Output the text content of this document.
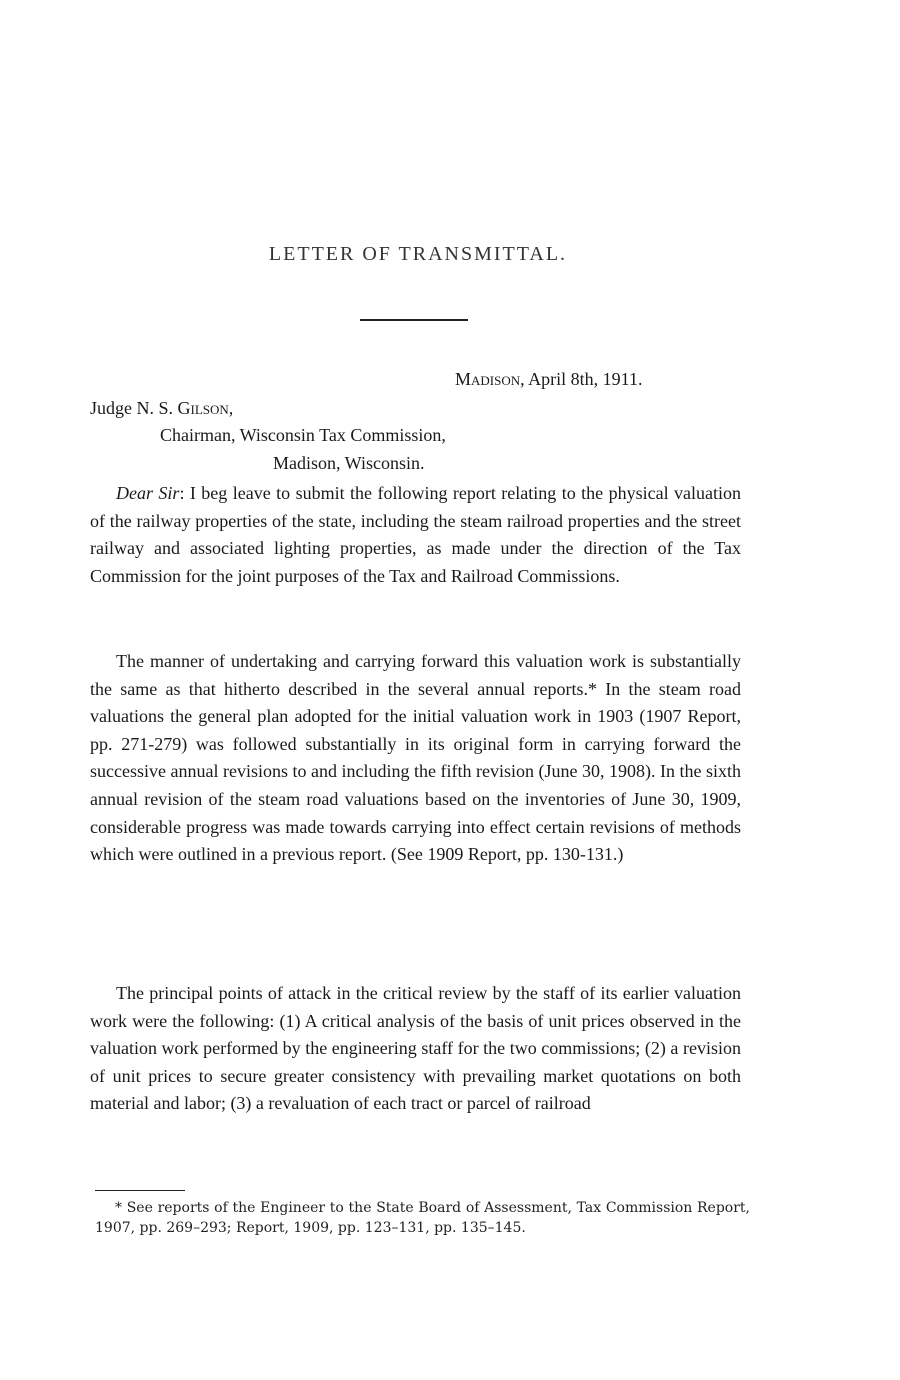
LETTER OF TRANSMITTAL.
Madison, April 8th, 1911.
Judge N. S. Gilson,
Chairman, Wisconsin Tax Commission,
Madison, Wisconsin.
Dear Sir: I beg leave to submit the following report relating to the physical valuation of the railway properties of the state, including the steam railroad properties and the street railway and associated lighting properties, as made under the direction of the Tax Commission for the joint purposes of the Tax and Railroad Commissions.
The manner of undertaking and carrying forward this valuation work is substantially the same as that hitherto described in the several annual reports.* In the steam road valuations the general plan adopted for the initial valuation work in 1903 (1907 Report, pp. 271-279) was followed substantially in its original form in carrying forward the successive annual revisions to and including the fifth revision (June 30, 1908). In the sixth annual revision of the steam road valuations based on the inventories of June 30, 1909, considerable progress was made towards carrying into effect certain revisions of methods which were outlined in a previous report. (See 1909 Report, pp. 130-131.)
The principal points of attack in the critical review by the staff of its earlier valuation work were the following: (1) A critical analysis of the basis of unit prices observed in the valuation work performed by the engineering staff for the two commissions; (2) a revision of unit prices to secure greater consistency with prevailing market quotations on both material and labor; (3) a revaluation of each tract or parcel of railroad
* See reports of the Engineer to the State Board of Assessment, Tax Commission Report, 1907, pp. 269–293; Report, 1909, pp. 123–131, pp. 135–145.
